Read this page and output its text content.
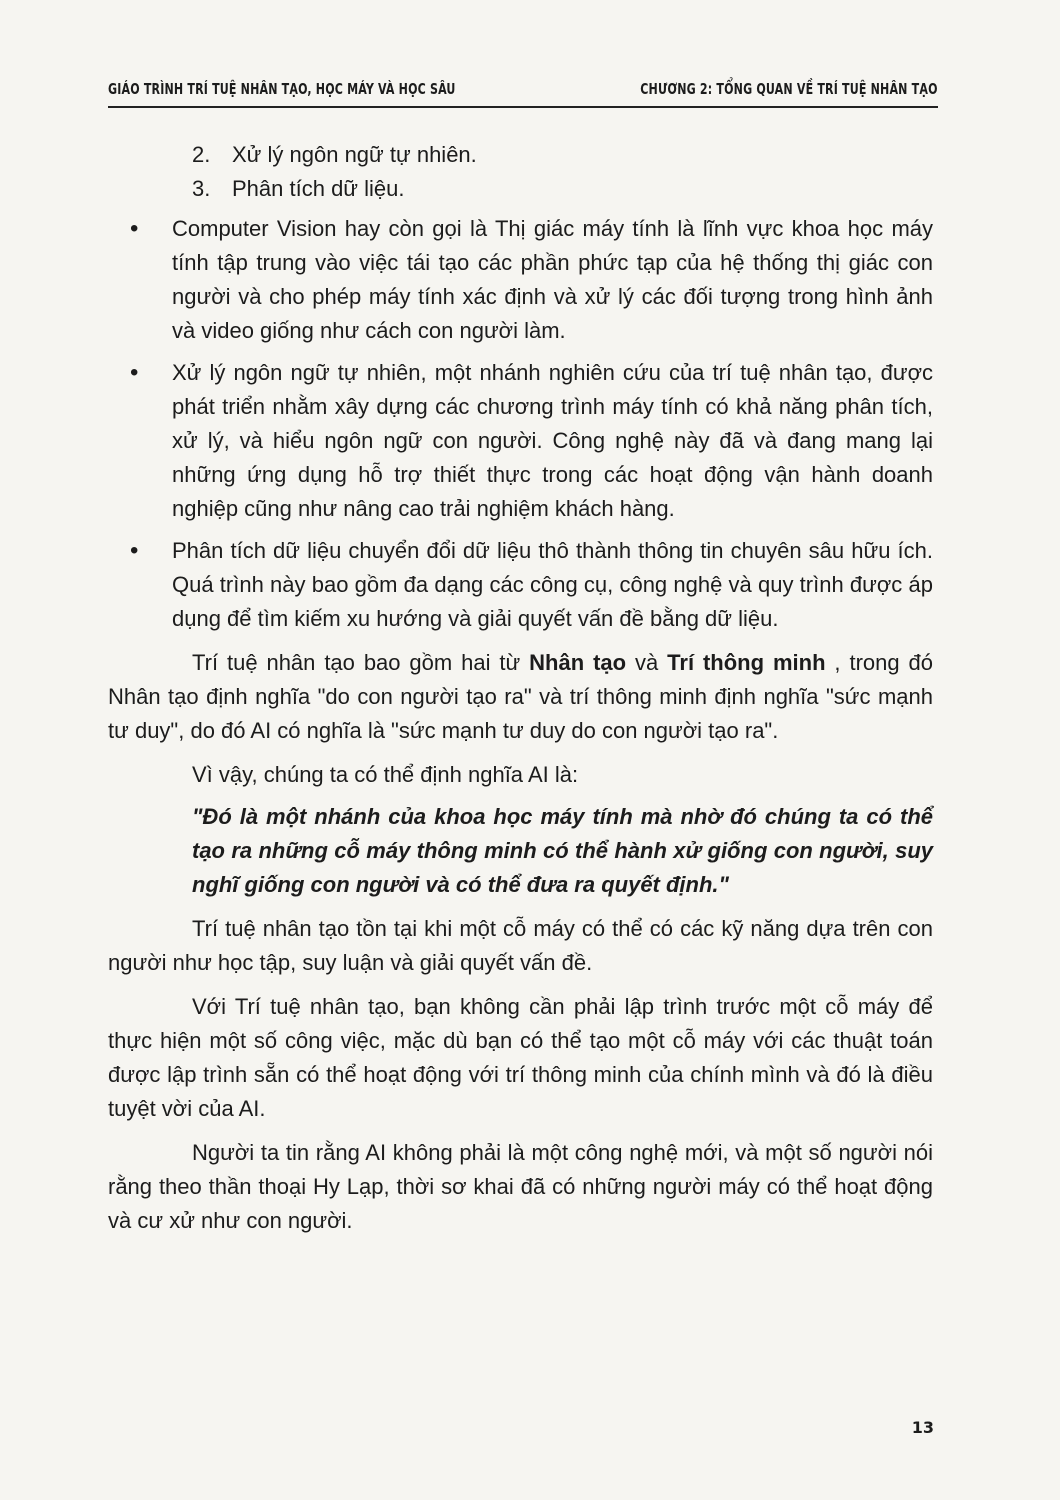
GIÁO TRÌNH TRÍ TUỆ NHÂN TẠO, HỌC MÁY VÀ HỌC SÂU	CHƯƠNG 2: TỔNG QUAN VỀ TRÍ TUỆ NHÂN TẠO

2. Xử lý ngôn ngữ tự nhiên.

3. Phân tích dữ liệu.

• Computer Vision hay còn gọi là Thị giác máy tính là lĩnh vực khoa học máy tính tập trung vào việc tái tạo các phần phức tạp của hệ thống thị giác con người và cho phép máy tính xác định và xử lý các đối tượng trong hình ảnh và video giống như cách con người làm.
• Xử lý ngôn ngữ tự nhiên, một nhánh nghiên cứu của trí tuệ nhân tạo, được phát triển nhằm xây dựng các chương trình máy tính có khả năng phân tích, xử lý, và hiểu ngôn ngữ con người. Công nghệ này đã và đang mang lại những ứng dụng hỗ trợ thiết thực trong các hoạt động vận hành doanh nghiệp cũng như nâng cao trải nghiệm khách hàng.
• Phân tích dữ liệu chuyển đổi dữ liệu thô thành thông tin chuyên sâu hữu ích. Quá trình này bao gồm đa dạng các công cụ, công nghệ và quy trình được áp dụng để tìm kiếm xu hướng và giải quyết vấn đề bằng dữ liệu.

Trí tuệ nhân tạo bao gồm hai từ Nhân tạo và Trí thông minh , trong đó Nhân tạo định nghĩa "do con người tạo ra" và trí thông minh định nghĩa "sức mạnh tư duy", do đó AI có nghĩa là "sức mạnh tư duy do con người tạo ra".

Vì vậy, chúng ta có thể định nghĩa AI là:

"Đó là một nhánh của khoa học máy tính mà nhờ đó chúng ta có thể tạo ra những cỗ máy thông minh có thể hành xử giống con người, suy nghĩ giống con người và có thể đưa ra quyết định."

Trí tuệ nhân tạo tồn tại khi một cỗ máy có thể có các kỹ năng dựa trên con người như học tập, suy luận và giải quyết vấn đề.

Với Trí tuệ nhân tạo, bạn không cần phải lập trình trước một cỗ máy để thực hiện một số công việc, mặc dù bạn có thể tạo một cỗ máy với các thuật toán được lập trình sẵn có thể hoạt động với trí thông minh của chính mình và đó là điều tuyệt vời của AI.

Người ta tin rằng AI không phải là một công nghệ mới, và một số người nói rằng theo thần thoại Hy Lạp, thời sơ khai đã có những người máy có thể hoạt động và cư xử như con người.

13
